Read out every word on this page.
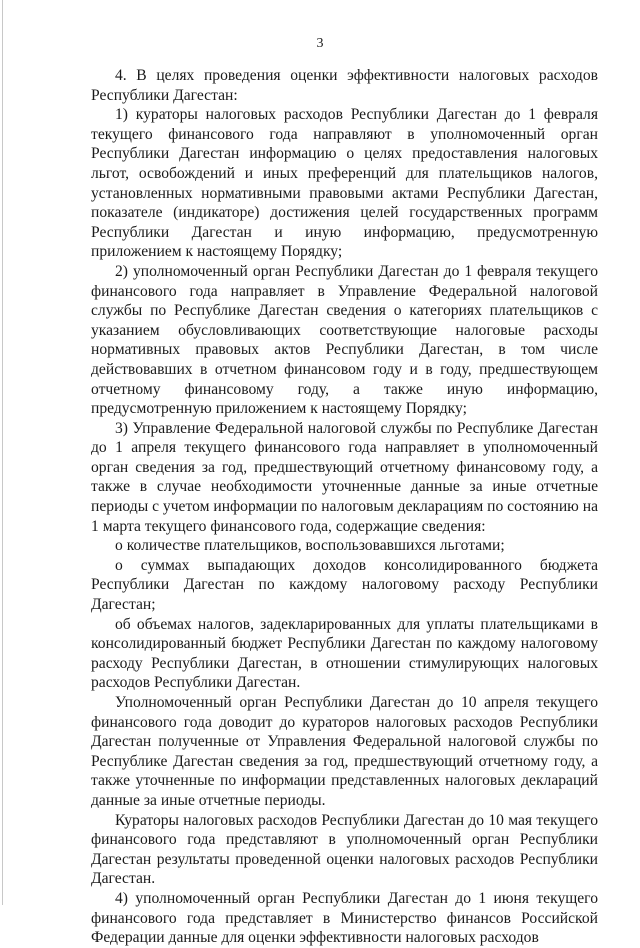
3

4. В целях проведения оценки эффективности налоговых расходов Республики Дагестан:

1) кураторы налоговых расходов Республики Дагестан до 1 февраля текущего финансового года направляют в уполномоченный орган Республики Дагестан информацию о целях предоставления налоговых льгот, освобождений и иных преференций для плательщиков налогов, установленных нормативными правовыми актами Республики Дагестан, показателе (индикаторе) достижения целей государственных программ Республики Дагестан и иную информацию, предусмотренную приложением к настоящему Порядку;

2) уполномоченный орган Республики Дагестан до 1 февраля текущего финансового года направляет в Управление Федеральной налоговой службы по Республике Дагестан сведения о категориях плательщиков с указанием обусловливающих соответствующие налоговые расходы нормативных правовых актов Республики Дагестан, в том числе действовавших в отчетном финансовом году и в году, предшествующем отчетному финансовому году, а также иную информацию, предусмотренную приложением к настоящему Порядку;

3) Управление Федеральной налоговой службы по Республике Дагестан до 1 апреля текущего финансового года направляет в уполномоченный орган сведения за год, предшествующий отчетному финансовому году, а также в случае необходимости уточненные данные за иные отчетные периоды с учетом информации по налоговым декларациям по состоянию на 1 марта текущего финансового года, содержащие сведения:

о количестве плательщиков, воспользовавшихся льготами;

о суммах выпадающих доходов консолидированного бюджета Республики Дагестан по каждому налоговому расходу Республики Дагестан;

об объемах налогов, задекларированных для уплаты плательщиками в консолидированный бюджет Республики Дагестан по каждому налоговому расходу Республики Дагестан, в отношении стимулирующих налоговых расходов Республики Дагестан.

Уполномоченный орган Республики Дагестан до 10 апреля текущего финансового года доводит до кураторов налоговых расходов Республики Дагестан полученные от Управления Федеральной налоговой службы по Республике Дагестан сведения за год, предшествующий отчетному году, а также уточненные по информации представленных налоговых деклараций данные за иные отчетные периоды.

Кураторы налоговых расходов Республики Дагестан до 10 мая текущего финансового года представляют в уполномоченный орган Республики Дагестан результаты проведенной оценки налоговых расходов Республики Дагестан.

4) уполномоченный орган Республики Дагестан до 1 июня текущего финансового года представляет в Министерство финансов Российской Федерации данные для оценки эффективности налоговых расходов
